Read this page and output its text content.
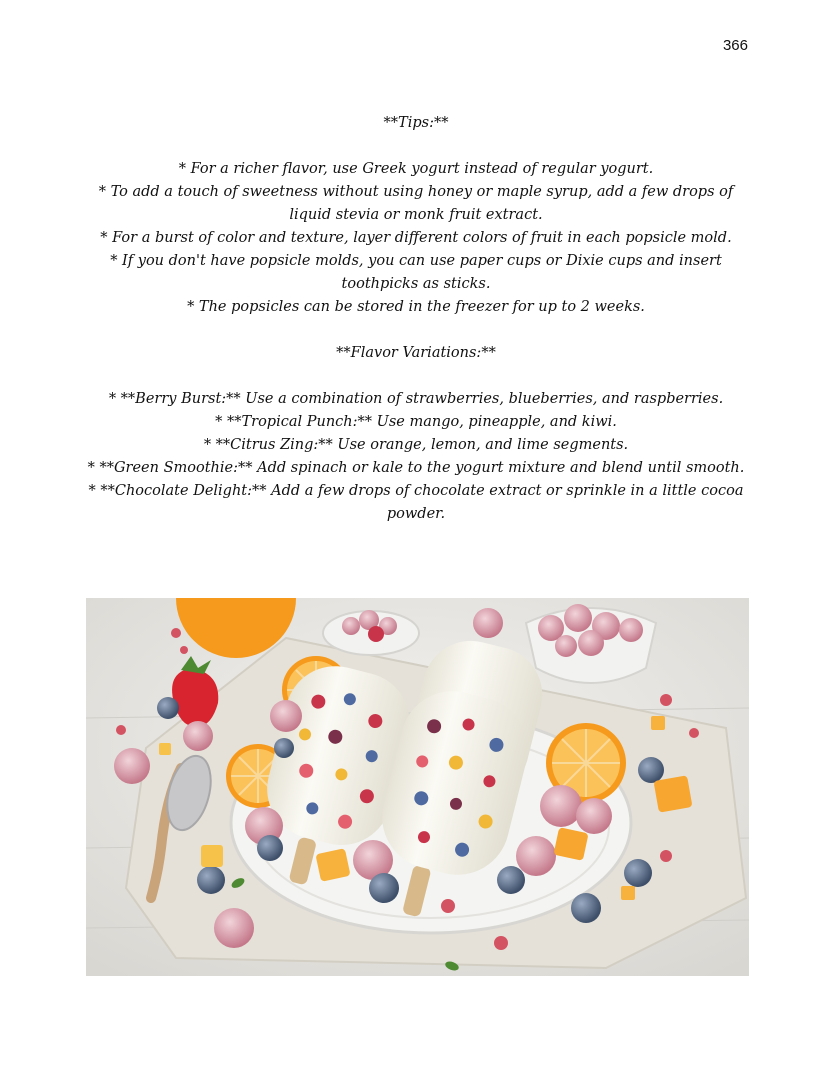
366

**Tips:**

* For a richer flavor, use Greek yogurt instead of regular yogurt.

* To add a touch of sweetness without using honey or maple syrup, add a few drops of liquid stevia or monk fruit extract.

* For a burst of color and texture, layer different colors of fruit in each popsicle mold.

* If you don't have popsicle molds, you can use paper cups or Dixie cups and insert toothpicks as sticks.

* The popsicles can be stored in the freezer for up to 2 weeks.

**Flavor Variations:**

* **Berry Burst:** Use a combination of strawberries, blueberries, and raspberries.

* **Tropical Punch:** Use mango, pineapple, and kiwi.

* **Citrus Zing:** Use orange, lemon, and lime segments.

* **Green Smoothie:** Add spinach or kale to the yogurt mixture and blend until smooth.

* **Chocolate Delight:** Add a few drops of chocolate extract or sprinkle in a little cocoa powder.
